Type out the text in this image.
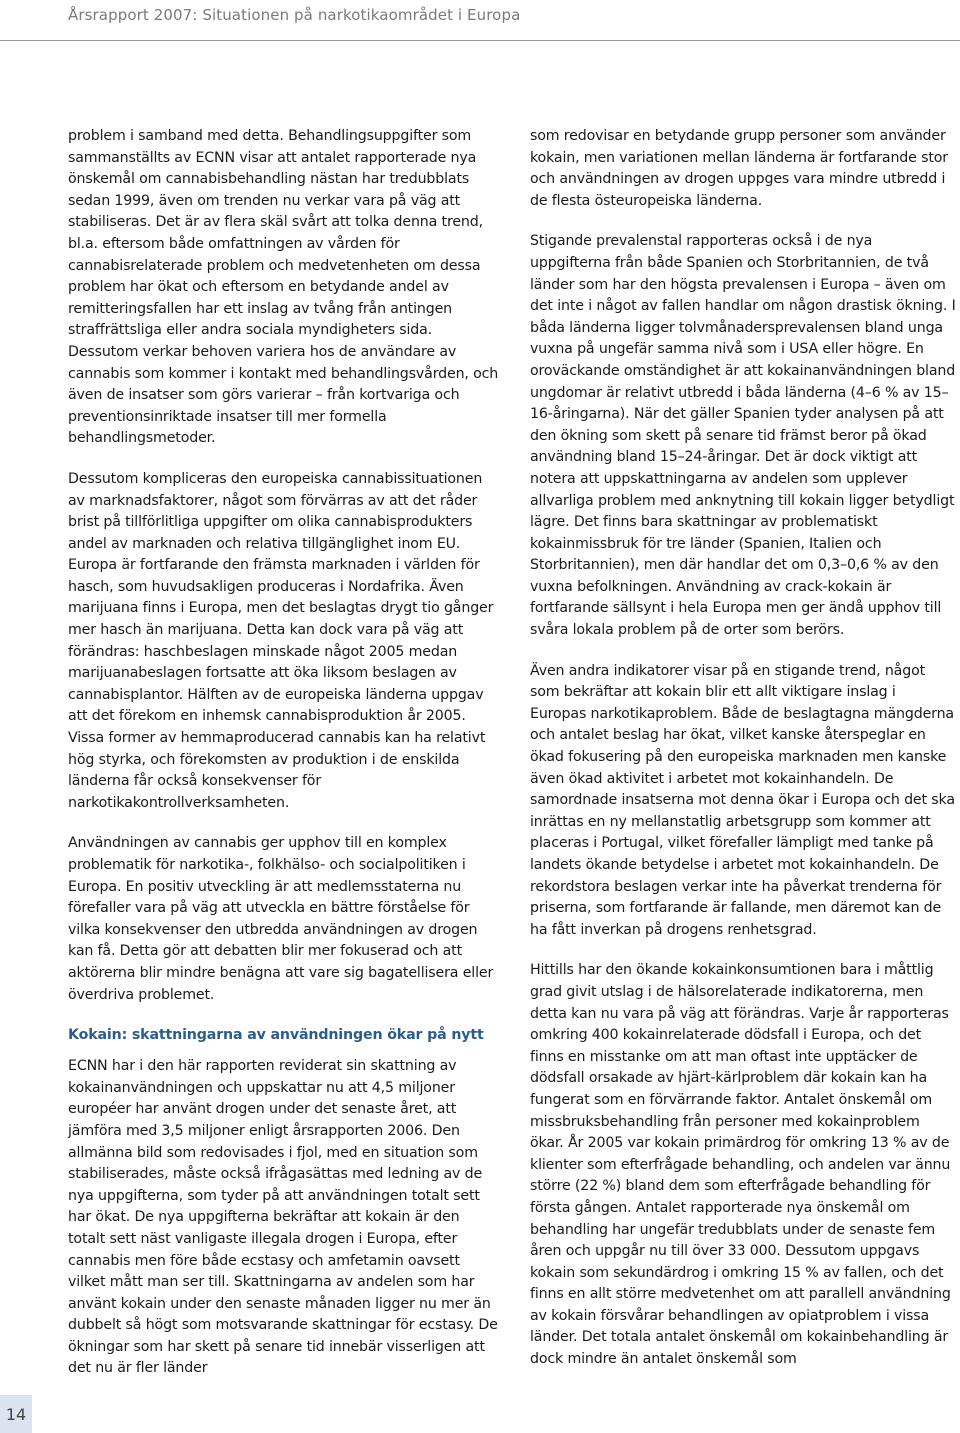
Årsrapport 2007: Situationen på narkotikaområdet i Europa

problem i samband med detta. Behandlingsuppgifter som sammanställts av ECNN visar att antalet rapporterade nya önskemål om cannabisbehandling nästan har tredubblats sedan 1999, även om trenden nu verkar vara på väg att stabiliseras. Det är av flera skäl svårt att tolka denna trend, bl.a. eftersom både omfattningen av vården för cannabisrelaterade problem och medvetenheten om dessa problem har ökat och eftersom en betydande andel av remitteringsfallen har ett inslag av tvång från antingen straffrättsliga eller andra sociala myndigheters sida. Dessutom verkar behoven variera hos de användare av cannabis som kommer i kontakt med behandlingsvården, och även de insatser som görs varierar – från kortvariga och preventionsinriktade insatser till mer formella behandlingsmetoder.

Dessutom kompliceras den europeiska cannabissituationen av marknadsfaktorer, något som förvärras av att det råder brist på tillförlitliga uppgifter om olika cannabisprodukters andel av marknaden och relativa tillgänglighet inom EU. Europa är fortfarande den främsta marknaden i världen för hasch, som huvudsakligen produceras i Nordafrika. Även marijuana finns i Europa, men det beslagtas drygt tio gånger mer hasch än marijuana. Detta kan dock vara på väg att förändras: haschbeslagen minskade något 2005 medan marijuanabeslagen fortsatte att öka liksom beslagen av cannabisplantor. Hälften av de europeiska länderna uppgav att det förekom en inhemsk cannabisproduktion år 2005. Vissa former av hemmaproducerad cannabis kan ha relativt hög styrka, och förekomsten av produktion i de enskilda länderna får också konsekvenser för narkotikakontrollverksamheten.

Användningen av cannabis ger upphov till en komplex problematik för narkotika-, folkhälso- och socialpolitiken i Europa. En positiv utveckling är att medlemsstaterna nu förefaller vara på väg att utveckla en bättre förståelse för vilka konsekvenser den utbredda användningen av drogen kan få. Detta gör att debatten blir mer fokuserad och att aktörerna blir mindre benägna att vare sig bagatellisera eller överdriva problemet.

Kokain: skattningarna av användningen ökar på nytt

ECNN har i den här rapporten reviderat sin skattning av kokainanvändningen och uppskattar nu att 4,5 miljoner européer har använt drogen under det senaste året, att jämföra med 3,5 miljoner enligt årsrapporten 2006. Den allmänna bild som redovisades i fjol, med en situation som stabiliserades, måste också ifrågasättas med ledning av de nya uppgifterna, som tyder på att användningen totalt sett har ökat. De nya uppgifterna bekräftar att kokain är den totalt sett näst vanligaste illegala drogen i Europa, efter cannabis men före både ecstasy och amfetamin oavsett vilket mått man ser till. Skattningarna av andelen som har använt kokain under den senaste månaden ligger nu mer än dubbelt så högt som motsvarande skattningar för ecstasy. De ökningar som har skett på senare tid innebär visserligen att det nu är fler länder

som redovisar en betydande grupp personer som använder kokain, men variationen mellan länderna är fortfarande stor och användningen av drogen uppges vara mindre utbredd i de flesta östeuropeiska länderna.

Stigande prevalenstal rapporteras också i de nya uppgifterna från både Spanien och Storbritannien, de två länder som har den högsta prevalensen i Europa – även om det inte i något av fallen handlar om någon drastisk ökning. I båda länderna ligger tolvmånadersprevalensen bland unga vuxna på ungefär samma nivå som i USA eller högre. En oroväckande omständighet är att kokainanvändningen bland ungdomar är relativt utbredd i båda länderna (4–6 % av 15–16-åringarna). När det gäller Spanien tyder analysen på att den ökning som skett på senare tid främst beror på ökad användning bland 15–24-åringar. Det är dock viktigt att notera att uppskattningarna av andelen som upplever allvarliga problem med anknytning till kokain ligger betydligt lägre. Det finns bara skattningar av problematiskt kokainmissbruk för tre länder (Spanien, Italien och Storbritannien), men där handlar det om 0,3–0,6 % av den vuxna befolkningen. Användning av crack-kokain är fortfarande sällsynt i hela Europa men ger ändå upphov till svåra lokala problem på de orter som berörs.

Även andra indikatorer visar på en stigande trend, något som bekräftar att kokain blir ett allt viktigare inslag i Europas narkotikaproblem. Både de beslagtagna mängderna och antalet beslag har ökat, vilket kanske återspeglar en ökad fokusering på den europeiska marknaden men kanske även ökad aktivitet i arbetet mot kokainhandeln. De samordnade insatserna mot denna ökar i Europa och det ska inrättas en ny mellanstatlig arbetsgrupp som kommer att placeras i Portugal, vilket förefaller lämpligt med tanke på landets ökande betydelse i arbetet mot kokainhandeln. De rekordstora beslagen verkar inte ha påverkat trenderna för priserna, som fortfarande är fallande, men däremot kan de ha fått inverkan på drogens renhetsgrad.

Hittills har den ökande kokainkonsumtionen bara i måttlig grad givit utslag i de hälsorelaterade indikatorerna, men detta kan nu vara på väg att förändras. Varje år rapporteras omkring 400 kokainrelaterade dödsfall i Europa, och det finns en misstanke om att man oftast inte upptäcker de dödsfall orsakade av hjärt-kärlproblem där kokain kan ha fungerat som en förvärrande faktor. Antalet önskemål om missbruksbehandling från personer med kokainproblem ökar. År 2005 var kokain primärdrog för omkring 13 % av de klienter som efterfrågade behandling, och andelen var ännu större (22 %) bland dem som efterfrågade behandling för första gången. Antalet rapporterade nya önskemål om behandling har ungefär tredubblats under de senaste fem åren och uppgår nu till över 33 000. Dessutom uppgavs kokain som sekundärdrog i omkring 15 % av fallen, och det finns en allt större medvetenhet om att parallell användning av kokain försvårar behandlingen av opiatproblem i vissa länder. Det totala antalet önskemål om kokainbehandling är dock mindre än antalet önskemål som

14
